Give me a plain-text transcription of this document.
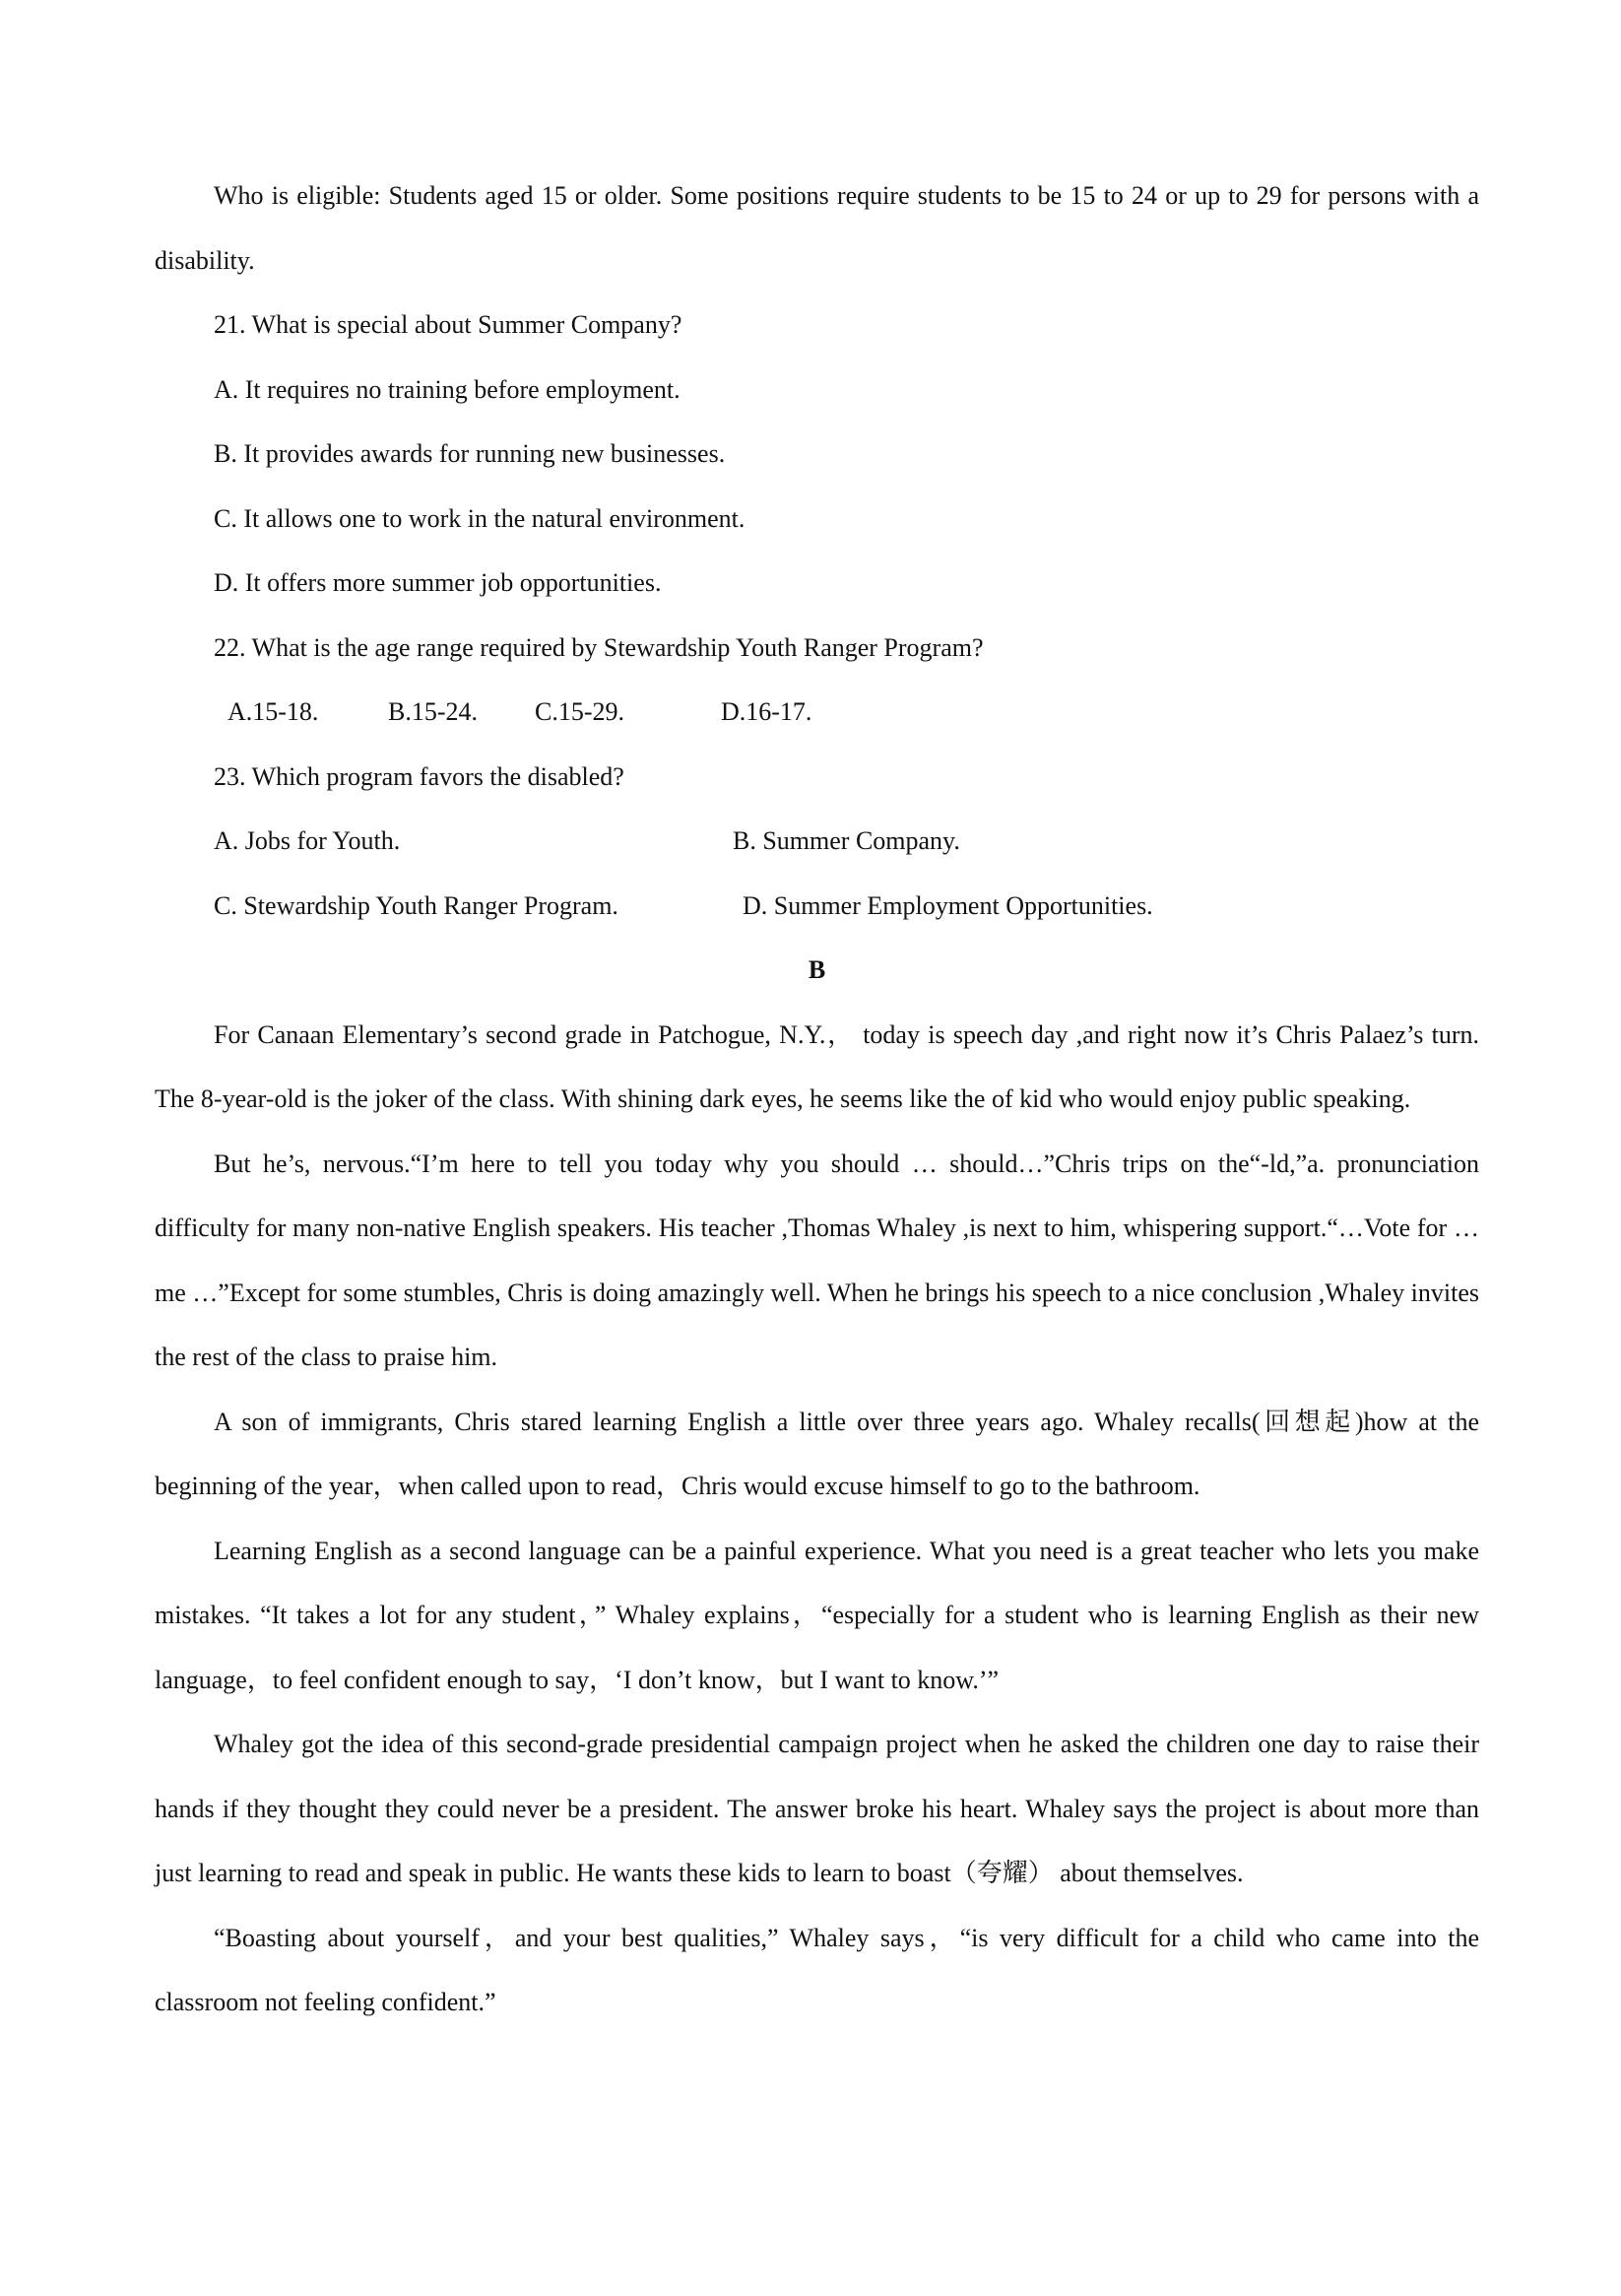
Who is eligible: Students aged 15 or older. Some positions require students to be 15 to 24 or up to 29 for persons with a disability.

21. What is special about Summer Company?
A. It requires no training before employment.
B. It provides awards for running new businesses.
C. It allows one to work in the natural environment.
D. It offers more summer job opportunities.
22. What is the age range required by Stewardship Youth Ranger Program?
A.15-18.	B.15-24.	C.15-29.	D.16-17.
23. Which program favors the disabled?
A. Jobs for Youth.	B. Summer Company.
C. Stewardship Youth Ranger Program.	D. Summer Employment Opportunities.
B

For Canaan Elementary’s second grade in Patchogue, N.Y.， today is speech day ,and right now it’s Chris Palaez’s turn. The 8-year-old is the joker of the class. With shining dark eyes, he seems like the of kid who would enjoy public speaking.

But he’s, nervous.“I’m here to tell you today why you should … should…”Chris trips on the“-ld,”a. pronunciation difficulty for many non-native English speakers. His teacher ,Thomas Whaley ,is next to him, whispering support.“…Vote for …me …”Except for some stumbles, Chris is doing amazingly well. When he brings his speech to a nice conclusion ,Whaley invites the rest of the class to praise him.

A son of immigrants, Chris stared learning English a little over three years ago. Whaley recalls(回想起)how at the beginning of the year，when called upon to read，Chris would excuse himself to go to the bathroom.

Learning English as a second language can be a painful experience. What you need is a great teacher who lets you make mistakes. “It takes a lot for any student，” Whaley explains，“especially for a student who is learning English as their new language，to feel confident enough to say，‘I don’t know，but I want to know.’”

Whaley got the idea of this second-grade presidential campaign project when he asked the children one day to raise their hands if they thought they could never be a president. The answer broke his heart. Whaley says the project is about more than just learning to read and speak in public. He wants these kids to learn to boast（夸耀） about themselves.

“Boasting about yourself，and your best qualities,” Whaley says，“is very difficult for a child who came into the classroom not feeling confident.”
